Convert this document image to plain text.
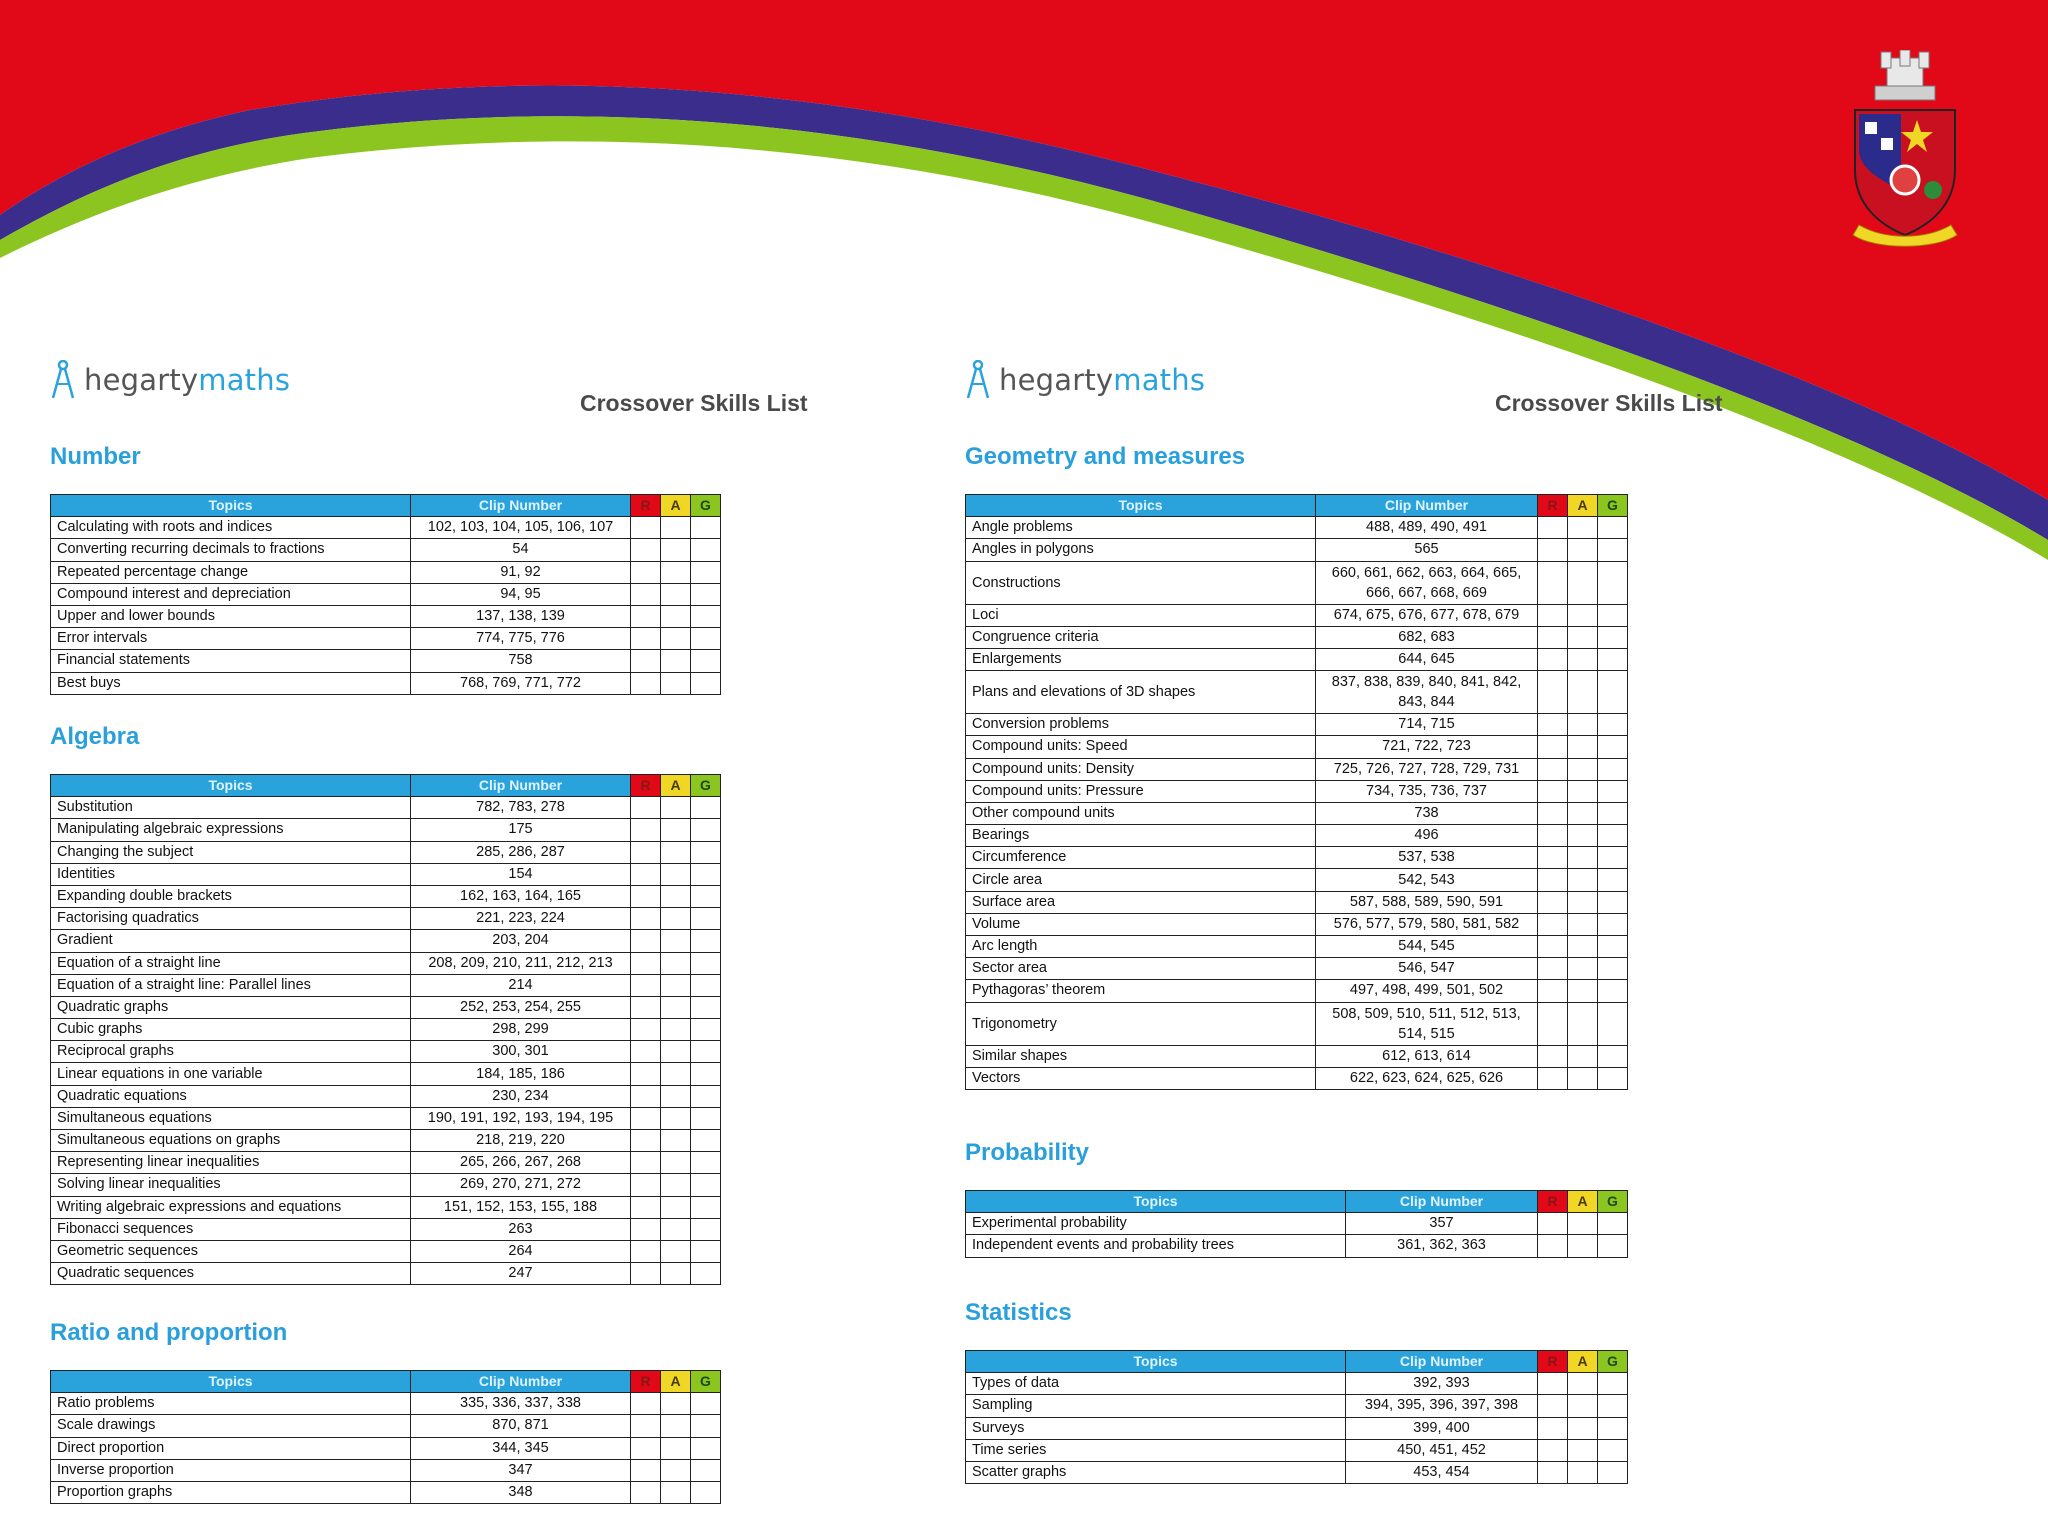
hegartymaths
Crossover Skills List
Number
Topics	Clip Number	R	A	G
Calculating with roots and indices	102, 103, 104, 105, 106, 107			
Converting recurring decimals to fractions	54			
Repeated percentage change	91, 92			
Compound interest and depreciation	94, 95			
Upper and lower bounds	137, 138, 139			
Error intervals	774, 775, 776			
Financial statements	758			
Best buys	768, 769, 771, 772			
Algebra
Topics	Clip Number	R	A	G
Substitution	782, 783, 278			
Manipulating algebraic expressions	175			
Changing the subject	285, 286, 287			
Identities	154			
Expanding double brackets	162, 163, 164, 165			
Factorising quadratics	221, 223, 224			
Gradient	203, 204			
Equation of a straight line	208, 209, 210, 211, 212, 213			
Equation of a straight line: Parallel lines	214			
Quadratic graphs	252, 253, 254, 255			
Cubic graphs	298, 299			
Reciprocal graphs	300, 301			
Linear equations in one variable	184, 185, 186			
Quadratic equations	230, 234			
Simultaneous equations	190, 191, 192, 193, 194, 195			
Simultaneous equations on graphs	218, 219, 220			
Representing linear inequalities	265, 266, 267, 268			
Solving linear inequalities	269, 270, 271, 272			
Writing algebraic expressions and equations	151, 152, 153, 155, 188			
Fibonacci sequences	263			
Geometric sequences	264			
Quadratic sequences	247			
Ratio and proportion
Topics	Clip Number	R	A	G
Ratio problems	335, 336, 337, 338			
Scale drawings	870, 871			
Direct proportion	344, 345			
Inverse proportion	347			
Proportion graphs	348			
hegartymaths
Crossover Skills List
Geometry and measures
Topics	Clip Number	R	A	G
Angle problems	488, 489, 490, 491			
Angles in polygons	565			
Constructions	660, 661, 662, 663, 664, 665, 666, 667, 668, 669			
Loci	674, 675, 676, 677, 678, 679			
Congruence criteria	682, 683			
Enlargements	644, 645			
Plans and elevations of 3D shapes	837, 838, 839, 840, 841, 842, 843, 844			
Conversion problems	714, 715			
Compound units: Speed	721, 722, 723			
Compound units: Density	725, 726, 727, 728, 729, 731			
Compound units: Pressure	734, 735, 736, 737			
Other compound units	738			
Bearings	496			
Circumference	537, 538			
Circle area	542, 543			
Surface area	587, 588, 589, 590, 591			
Volume	576, 577, 579, 580, 581, 582			
Arc length	544, 545			
Sector area	546, 547			
Pythagoras’ theorem	497, 498, 499, 501, 502			
Trigonometry	508, 509, 510, 511, 512, 513, 514, 515			
Similar shapes	612, 613, 614			
Vectors	622, 623, 624, 625, 626			
Probability
Topics	Clip Number	R	A	G
Experimental probability	357			
Independent events and probability trees	361, 362, 363			
Statistics
Topics	Clip Number	R	A	G
Types of data	392, 393			
Sampling	394, 395, 396, 397, 398			
Surveys	399, 400			
Time series	450, 451, 452			
Scatter graphs	453, 454			
